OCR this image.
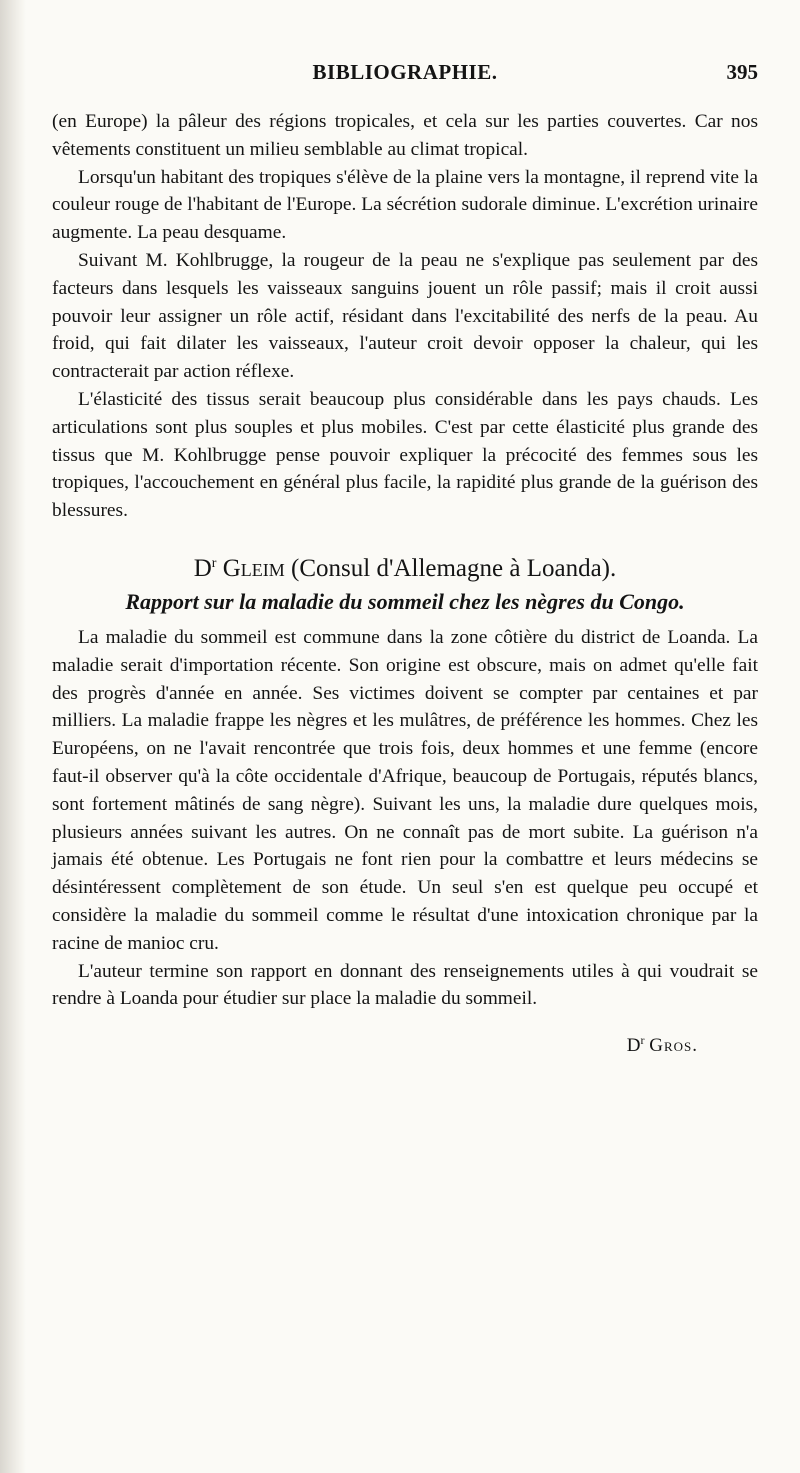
BIBLIOGRAPHIE.	395

(en Europe) la pâleur des régions tropicales, et cela sur les parties couvertes. Car nos vêtements constituent un milieu semblable au climat tropical.

Lorsqu'un habitant des tropiques s'élève de la plaine vers la montagne, il reprend vite la couleur rouge de l'habitant de l'Europe. La sécrétion sudorale diminue. L'excrétion urinaire augmente. La peau desquame.

Suivant M. Kohlbrugge, la rougeur de la peau ne s'explique pas seulement par des facteurs dans lesquels les vaisseaux sanguins jouent un rôle passif; mais il croit aussi pouvoir leur assigner un rôle actif, résidant dans l'excitabilité des nerfs de la peau. Au froid, qui fait dilater les vaisseaux, l'auteur croit devoir opposer la chaleur, qui les contracterait par action réflexe.

L'élasticité des tissus serait beaucoup plus considérable dans les pays chauds. Les articulations sont plus souples et plus mobiles. C'est par cette élasticité plus grande des tissus que M. Kohlbrugge pense pouvoir expliquer la précocité des femmes sous les tropiques, l'accouchement en général plus facile, la rapidité plus grande de la guérison des blessures.

$D^r$ Gleim (Consul d'Allemagne à Loanda).
Rapport sur la maladie du sommeil chez les nègres du Congo.

La maladie du sommeil est commune dans la zone côtière du district de Loanda. La maladie serait d'importation récente. Son origine est obscure, mais on admet qu'elle fait des progrès d'année en année. Ses victimes doivent se compter par centaines et par milliers. La maladie frappe les nègres et les mulâtres, de préférence les hommes. Chez les Européens, on ne l'avait rencontrée que trois fois, deux hommes et une femme (encore faut-il observer qu'à la côte occidentale d'Afrique, beaucoup de Portugais, réputés blancs, sont fortement mâtinés de sang nègre). Suivant les uns, la maladie dure quelques mois, plusieurs années suivant les autres. On ne connaît pas de mort subite. La guérison n'a jamais été obtenue. Les Portugais ne font rien pour la combattre et leurs médecins se désintéressent complètement de son étude. Un seul s'en est quelque peu occupé et considère la maladie du sommeil comme le résultat d'une intoxication chronique par la racine de manioc cru.

L'auteur termine son rapport en donnant des renseignements utiles à qui voudrait se rendre à Loanda pour étudier sur place la maladie du sommeil.

$D^r$ Gros.
